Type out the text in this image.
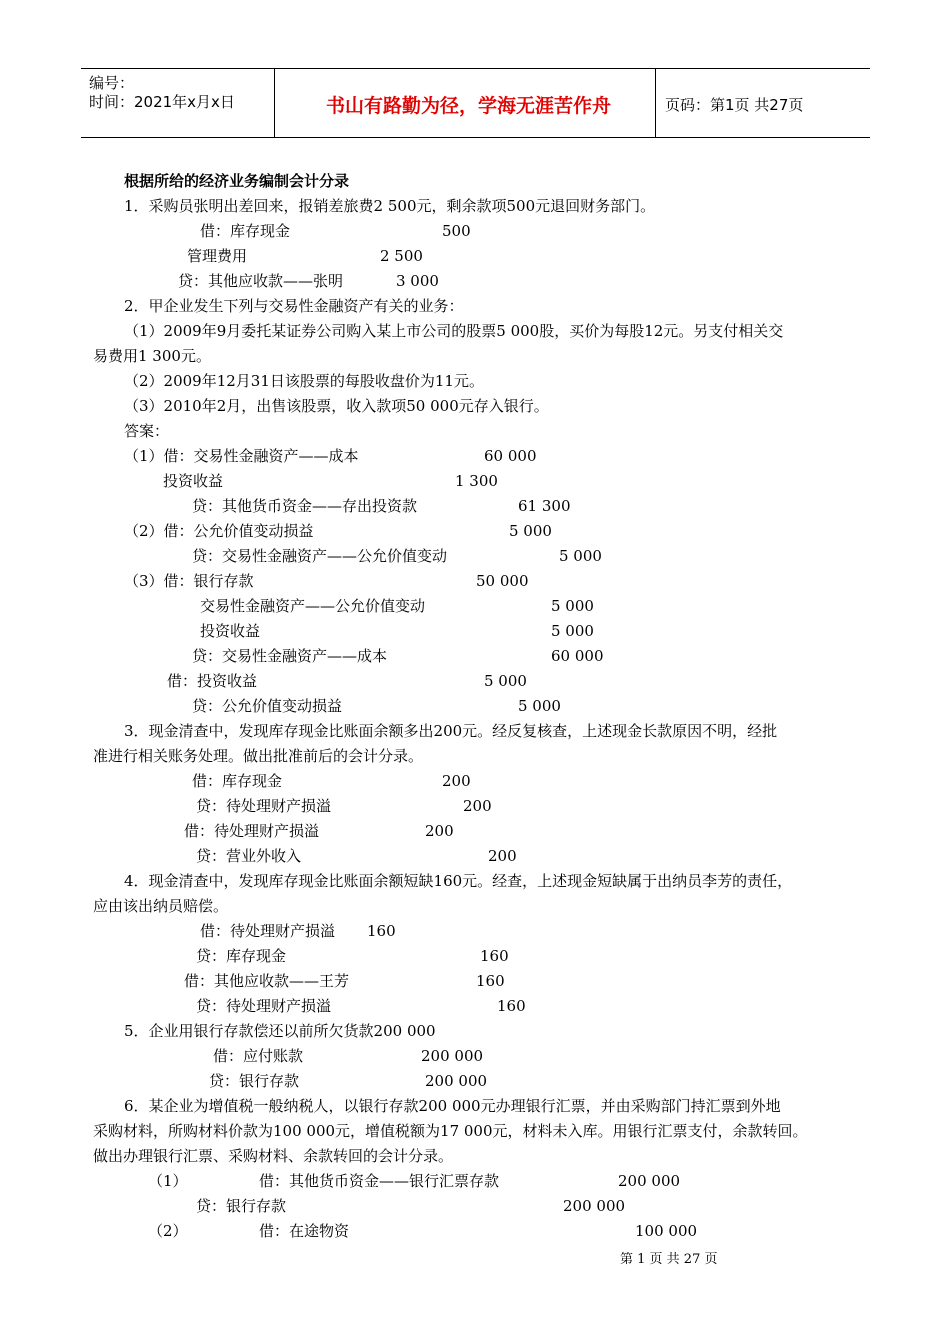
编号：
时间：2021年x月x日	书山有路勤为径，学海无涯苦作舟	页码：第1页 共27页
根据所给的经济业务编制会计分录
1．采购员张明出差回来，报销差旅费2 500元，剩余款项500元退回财务部门。
借：库存现金	500
管理费用	2 500
贷：其他应收款——张明	3 000
2．甲企业发生下列与交易性金融资产有关的业务：
（1）2009年9月委托某证券公司购入某上市公司的股票5 000股，买价为每股12元。另支付相关交
易费用1 300元。
（2）2009年12月31日该股票的每股收盘价为11元。
（3）2010年2月，出售该股票，收入款项50 000元存入银行。
答案：
（1）借：交易性金融资产——成本	60 000
投资收益	1 300
贷：其他货币资金——存出投资款	61 300
（2）借：公允价值变动损益	5 000
贷：交易性金融资产——公允价值变动	5 000
（3）借：银行存款	50 000
交易性金融资产——公允价值变动	5 000
投资收益	5 000
贷：交易性金融资产——成本	60 000
借：投资收益	5 000
贷：公允价值变动损益	5 000
3．现金清查中，发现库存现金比账面余额多出200元。经反复核查，上述现金长款原因不明，经批
准进行相关账务处理。做出批准前后的会计分录。
借：库存现金	200
贷：待处理财产损溢	200
借：待处理财产损溢	200
贷：营业外收入	200
4．现金清查中，发现库存现金比账面余额短缺160元。经查，上述现金短缺属于出纳员李芳的责任，
应由该出纳员赔偿。
借：待处理财产损溢 160
贷：库存现金	160
借：其他应收款——王芳	160
贷：待处理财产损溢	160
5．企业用银行存款偿还以前所欠货款200 000
借：应付账款	200 000
贷：银行存款	200 000
6．某企业为增值税一般纳税人，以银行存款200 000元办理银行汇票，并由采购部门持汇票到外地
采购材料，所购材料价款为100 000元，增值税额为17 000元，材料未入库。用银行汇票支付，余款转回。
做出办理银行汇票、采购材料、余款转回的会计分录。
（1）	借：其他货币资金——银行汇票存款	200 000
贷：银行存款	200 000
（2）	借：在途物资	100 000
第 1 页 共 27 页
